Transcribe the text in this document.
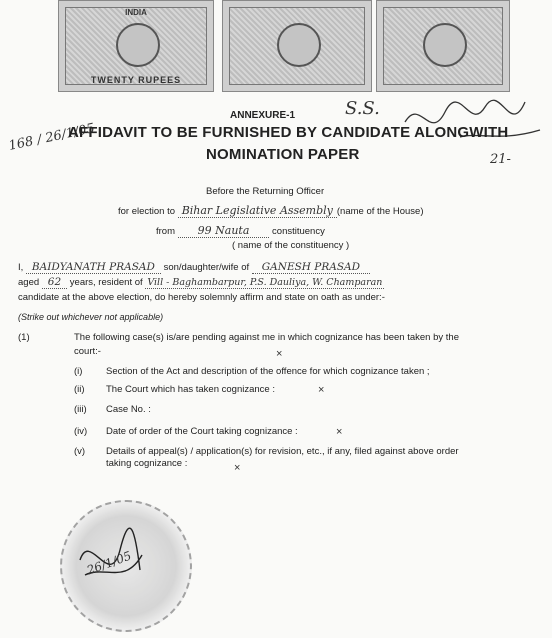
INDIA
TWENTY RUPEES
ANNEXURE-1
168 / 26/1/05
S.S.
21-
AFFIDAVIT TO BE FURNISHED BY CANDIDATE ALONGWITH
NOMINATION PAPER
Before the Returning Officer
for election to Bihar Legislative Assembly (name of the House)
from 99 Nauta constituency
( name of the constituency )
I, BAIDYANATH PRASAD son/daughter/wife of GANESH PRASAD
aged 62 years, resident of Vill - Baghambarpur, P.S. Dauliya, W. Champaran
candidate at the above election, do hereby solemnly affirm and state on oath as under:-
(Strike out whichever not applicable)
(1)	The following case(s) is/are pending against me in which cognizance has been taken by the
court:-	×
(i) Section of the Act and description of the offence for which cognizance taken ;
(ii) The Court which has taken cognizance :	×
(iii) Case No. :
(iv) Date of order of the Court taking cognizance :	×
(v) Details of appeal(s) / application(s) for revision, etc., if any, filed against above order
taking cognizance :	×
26/1/05
